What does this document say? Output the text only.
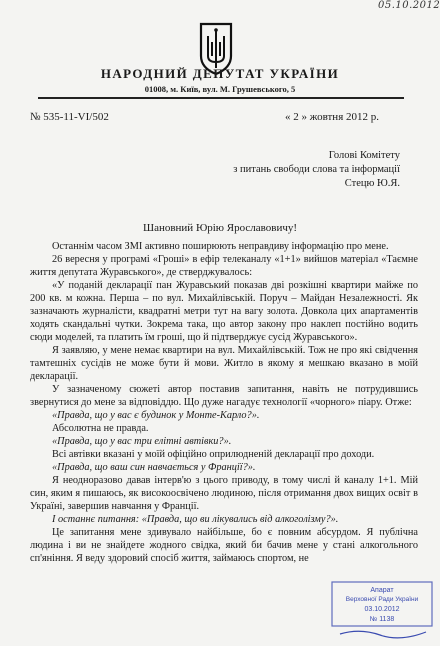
05.10.2012
НАРОДНИЙ ДЕПУТАТ УКРАЇНИ
01008, м. Київ, вул. М. Грушевського, 5
№ 535-11-VI/502	« 2 » жовтня 2012 р.
Голові Комітету
з питань свободи слова та інформації
Стецю Ю.Я.
Шановний Юрію Ярославовичу!

Останнім часом ЗМІ активно поширюють неправдиву інформацію про мене.

26 вересня у програмі «Гроші» в ефір телеканалу «1+1» вийшов матеріал «Таємне життя депутата Журавського», де стверджувалось:

«У поданій декларації пан Журавський показав дві розкішні квартири майже по 200 кв. м кожна. Перша – по вул. Михайлівській. Поруч – Майдан Незалежності. Як зазначають журналісти, квадратні метри тут на вагу золота. Довкола цих апартаментів ходять скандальні чутки. Зокрема така, що автор закону про наклеп постійно водить сюди моделей, та платить їм гроші, що й підтверджує сусід Журавського».

Я заявляю, у мене немає квартири на вул. Михайлівській. Тож не про які свідчення тамтешніх сусідів не може бути й мови. Житло в якому я мешкаю вказано в моїй декларації.

У зазначеному сюжеті автор поставив запитання, навіть не потрудившись звернутися до мене за відповіддю. Що дуже нагадує технології «чорного» піару. Отже:

«Правда, що у вас є будинок у Монте-Карло?».

Абсолютна не правда.

«Правда, що у вас три елітні автівки?».

Всі автівки вказані у моїй офіційно оприлюдненій декларації про доходи.

«Правда, що ваш син навчається у Франції?».

Я неодноразово давав інтерв'ю з цього приводу, в тому числі й каналу 1+1. Мій син, яким я пишаюсь, як високоосвічено людиною, після отримання двох вищих освіт в Україні, завершив навчання у Франції.

І останнє питання: «Правда, що ви лікувались від алкоголізму?».

Це запитання мене здивувало найбільше, бо є повним абсурдом. Я публічна людина і ви не знайдете жодного свідка, який би бачив мене у стані алкогольного сп'яніння. Я веду здоровий спосіб життя, займаюсь спортом, не

Апарат
Верховної Ради України
03.10.2012
№ 1138
